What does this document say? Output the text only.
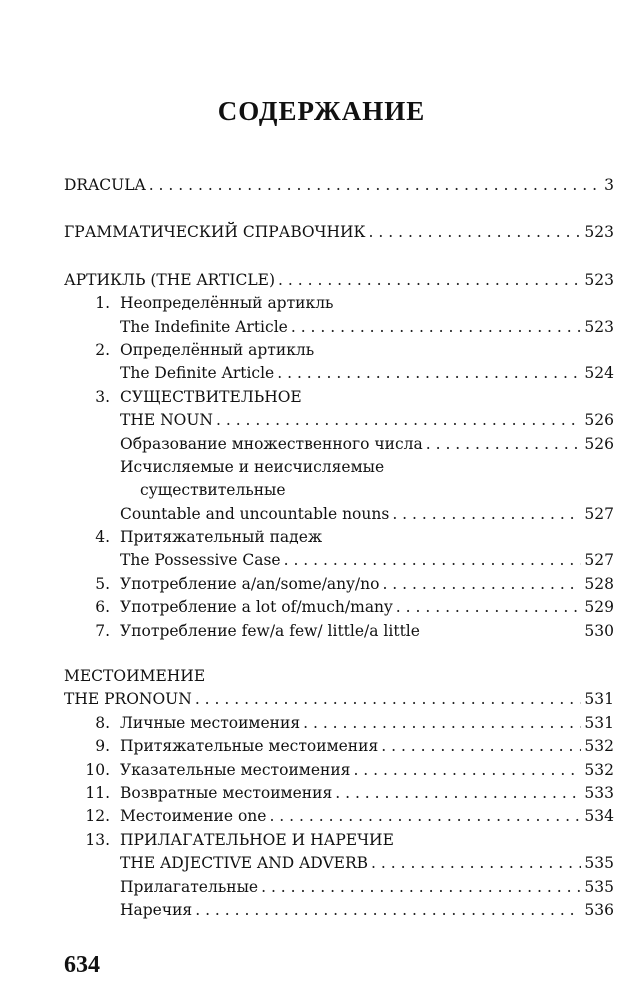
СОДЕРЖАНИЕ
DRACULA . . .	3
ГРАММАТИЧЕСКИЙ СПРАВОЧНИК . . .	523
АРТИКЛЬ (THE ARTICLE) . . .	523
1. Неопределённый артикль
The Indefinite Article . . .	523
2. Определённый артикль
The Definite Article . . .	524
3. СУЩЕСТВИТЕЛЬНОЕ
THE NOUN . . .	526
Образование множественного числа . . .	526
Исчисляемые и неисчисляемые
существительные
Countable and uncountable nouns . . .	527
4. Притяжательный падеж
The Possessive Case . . .	527
5. Употребление a/an/some/any/no . . .	528
6. Употребление a lot of/much/many . . .	529
7. Употребление few/a few/ little/a little	530
МЕСТОИМЕНИЕ
THE PRONOUN . . .	531
8. Личные местоимения . . .	531
9. Притяжательные местоимения . . .	532
10. Указательные местоимения . . .	532
11. Возвратные местоимения . . .	533
12. Местоимение one . . .	534
13. ПРИЛАГАТЕЛЬНОЕ И НАРЕЧИЕ
THE ADJECTIVE AND ADVERB . . .	535
Прилагательные . . .	535
Наречия . . .	536

634
